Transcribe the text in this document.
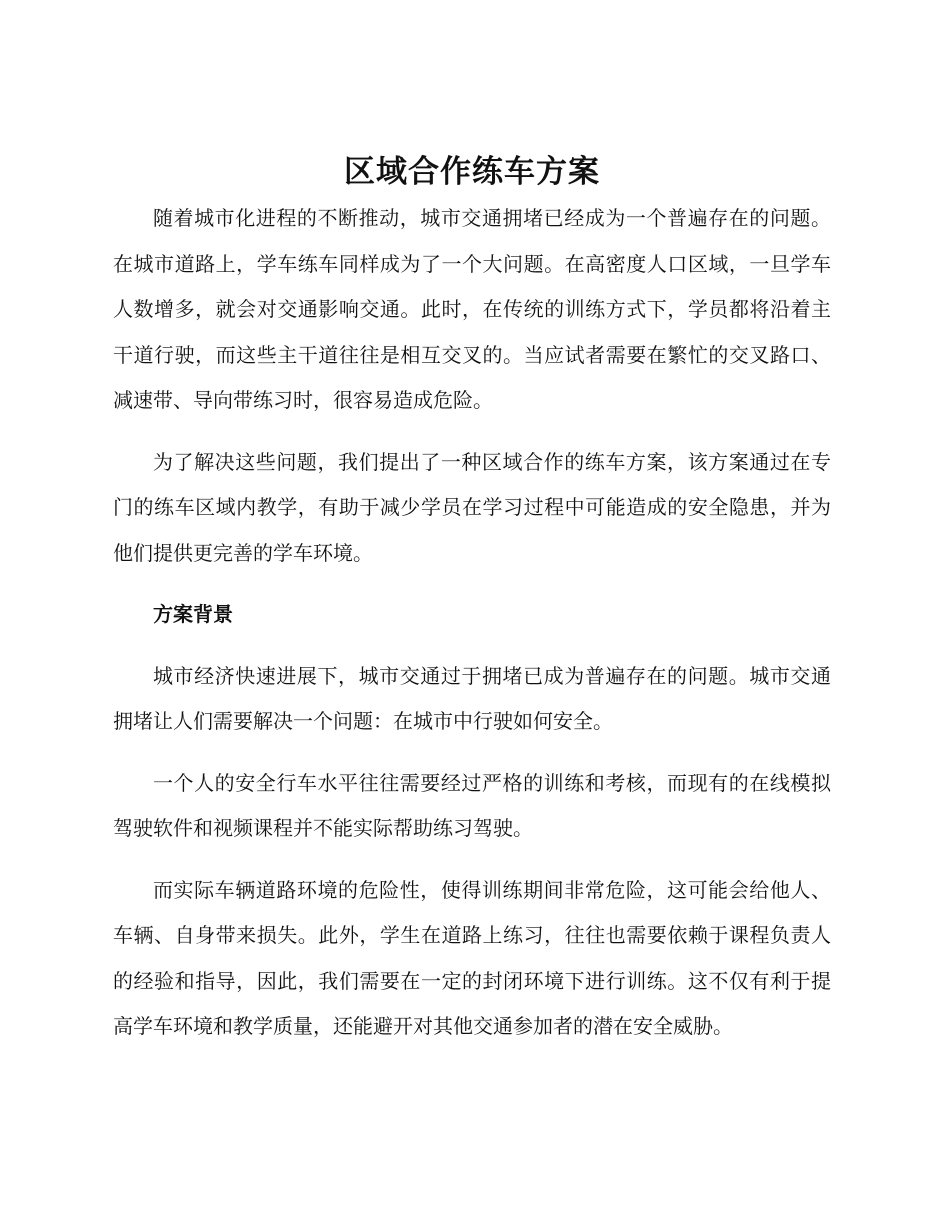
区域合作练车方案

随着城市化进程的不断推动，城市交通拥堵已经成为一个普遍存在的问题。在城市道路上，学车练车同样成为了一个大问题。在高密度人口区域，一旦学车人数增多，就会对交通影响交通。此时，在传统的训练方式下，学员都将沿着主干道行驶，而这些主干道往往是相互交叉的。当应试者需要在繁忙的交叉路口、减速带、导向带练习时，很容易造成危险。

为了解决这些问题，我们提出了一种区域合作的练车方案，该方案通过在专门的练车区域内教学，有助于减少学员在学习过程中可能造成的安全隐患，并为他们提供更完善的学车环境。

方案背景

城市经济快速进展下，城市交通过于拥堵已成为普遍存在的问题。城市交通拥堵让人们需要解决一个问题：在城市中行驶如何安全。

一个人的安全行车水平往往需要经过严格的训练和考核，而现有的在线模拟驾驶软件和视频课程并不能实际帮助练习驾驶。

而实际车辆道路环境的危险性，使得训练期间非常危险，这可能会给他人、车辆、自身带来损失。此外，学生在道路上练习，往往也需要依赖于课程负责人的经验和指导，因此，我们需要在一定的封闭环境下进行训练。这不仅有利于提高学车环境和教学质量，还能避开对其他交通参加者的潜在安全威胁。
